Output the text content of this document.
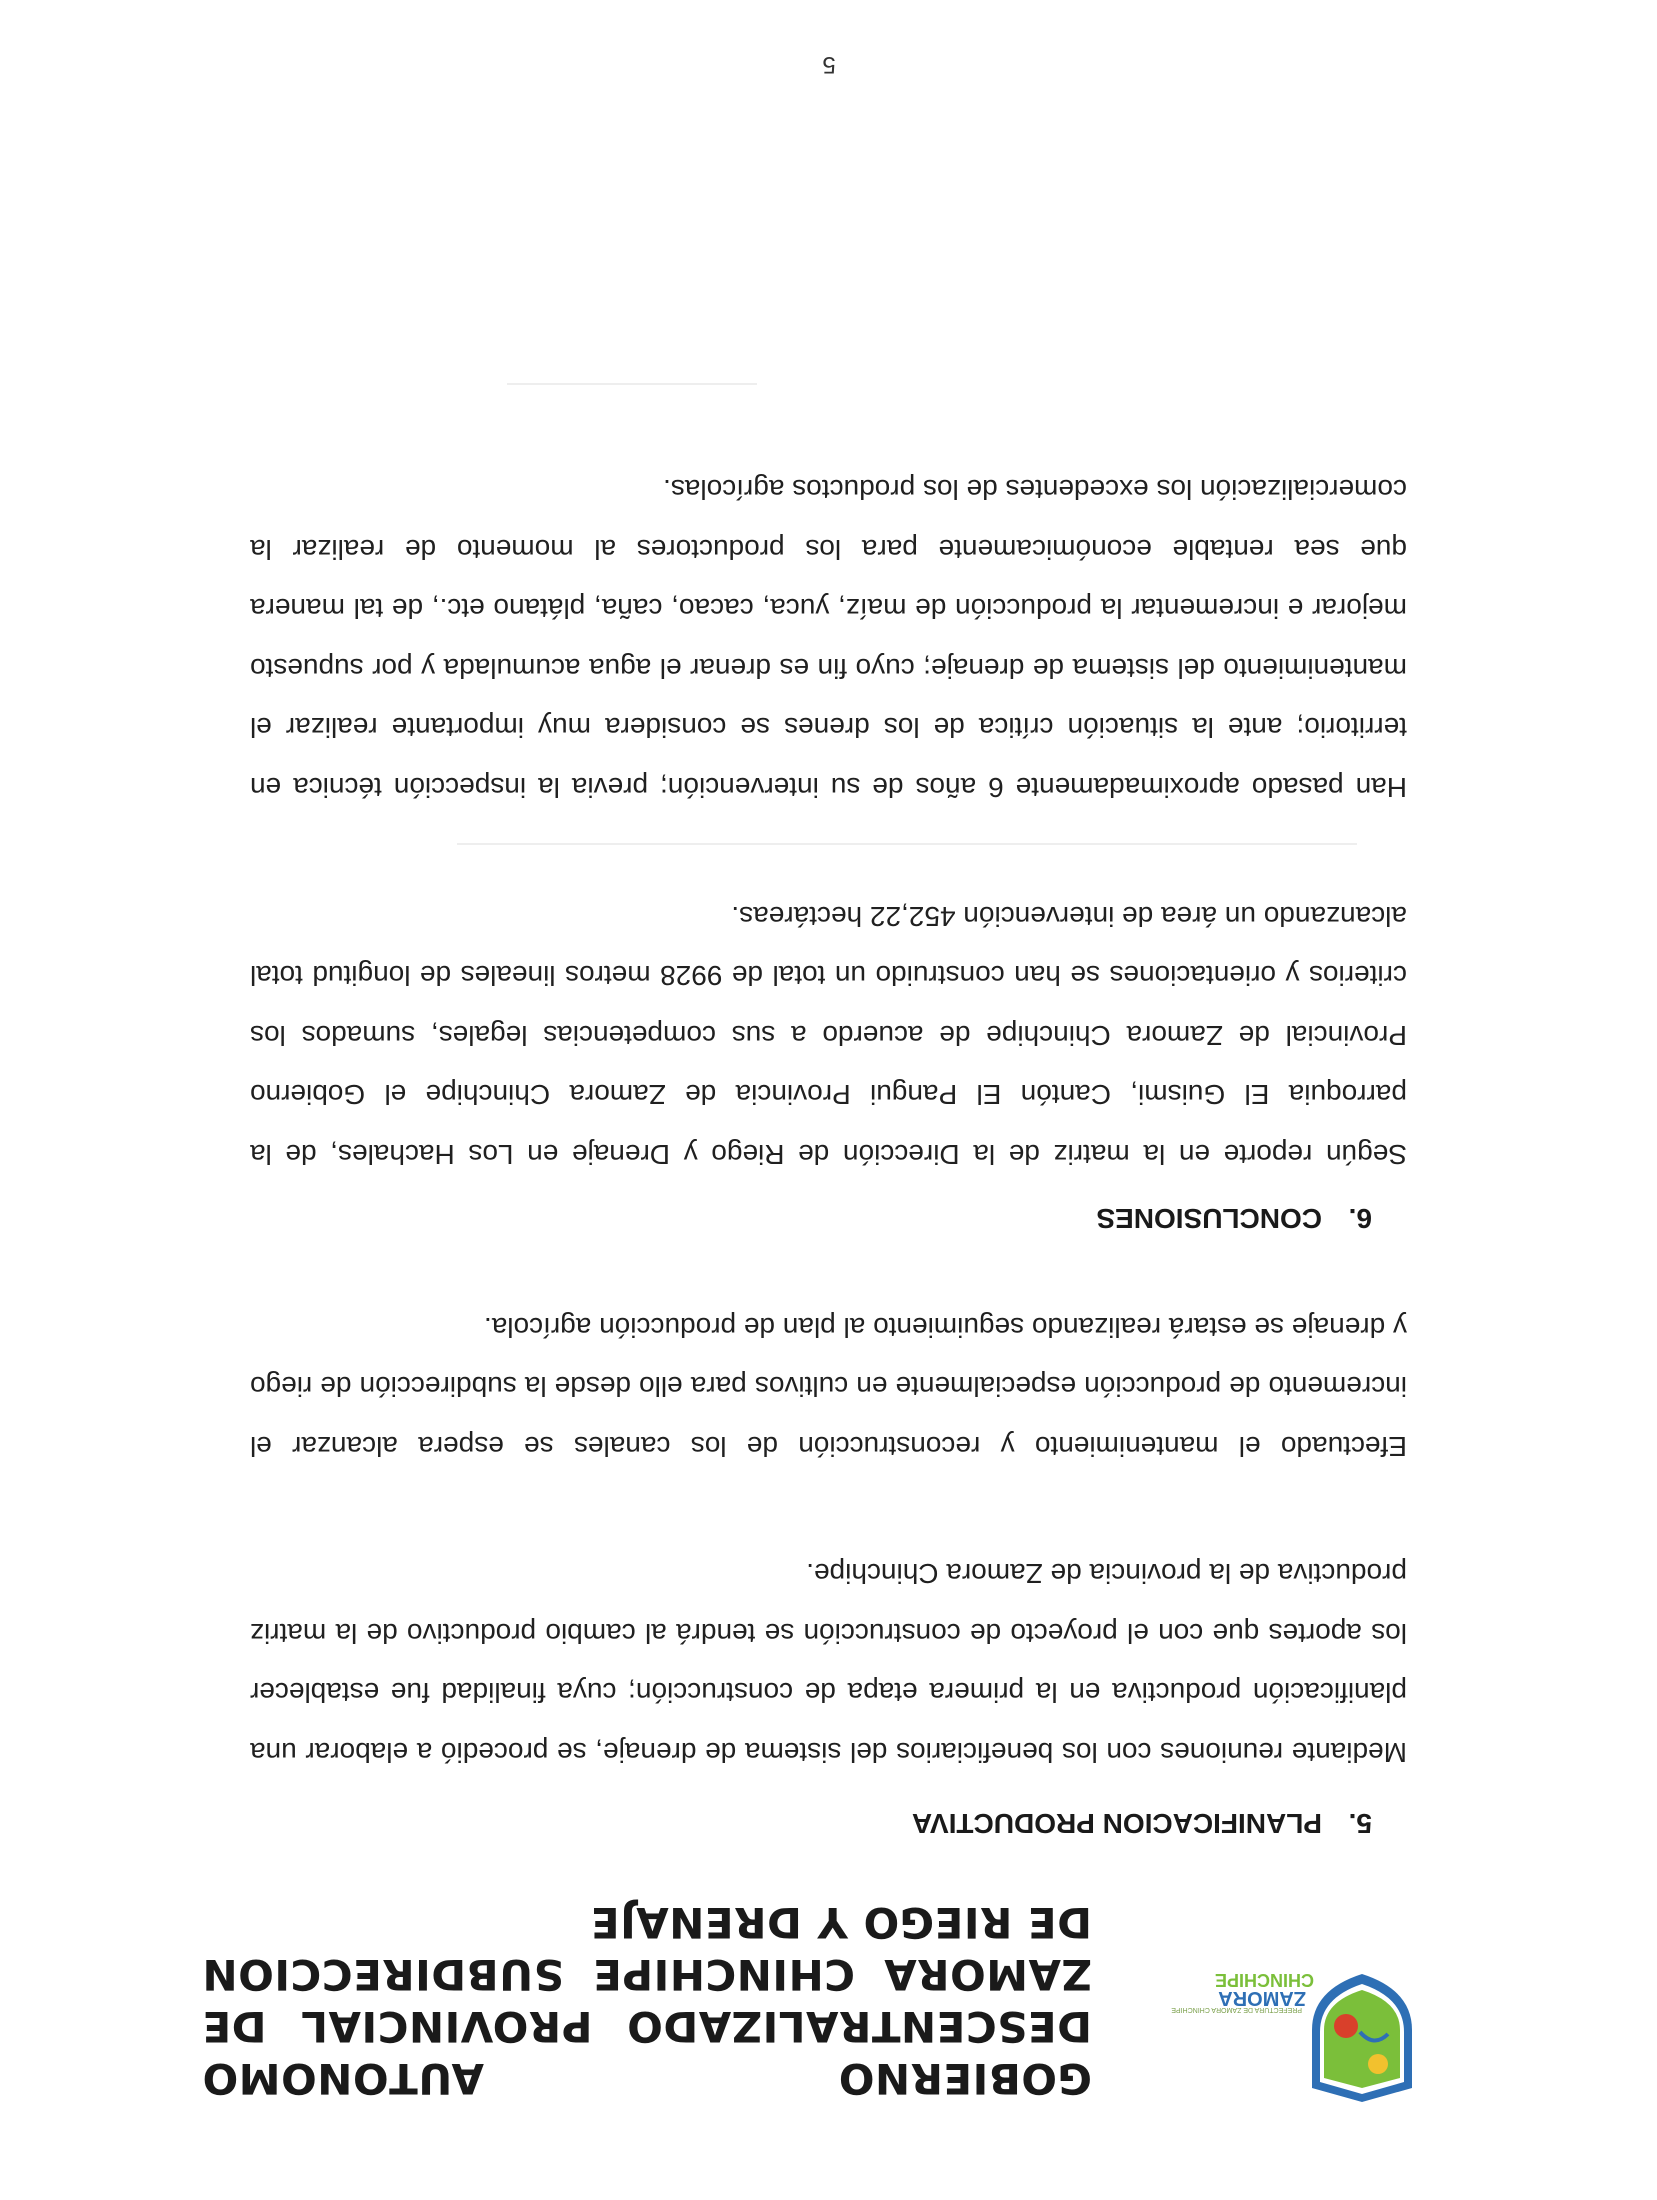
PREFECTURA DE ZAMORA CHINCHIPE
ZAMORA
CHINCHIPE
GOBIERNO AUTONOMO DESCENTRALIZADO PROVINCIAL DE ZAMORA CHINCHIPE SUBDIRECCION DE RIEGO Y DRENAJE
5.PLANIFICACION PRODUCTIVA
Mediante reuniones con los beneficiarios del sistema de drenaje, se procedió a elaborar una planificación productiva en la primera etapa de construcción; cuya finalidad fue establecer los aportes que con el proyecto de construcción se tendrá al cambio productivo de la matriz productiva de la provincia de Zamora Chinchipe.
Efectuado el mantenimiento y reconstrucción de los canales se espera alcanzar el incremento de producción especialmente en cultivos para ello desde la subdirección de riego y drenaje se estará realizando seguimiento al plan de producción agrícola.
6.CONCLUSIONES
Según reporte en la matriz de la Dirección de Riego y Drenaje en Los Hachales, de la parroquia El Guismi, Cantón El Pangui Provincia de Zamora Chinchipe el Gobierno Provincial de Zamora Chinchipe de acuerdo a sus competencias legales, sumados los criterios y orientaciones se han construido un total de 9928 metros lineales de longitud total alcanzando un área de intervención 452,22 hectáreas.
Han pasado aproximadamente 6 años de su intervención; previa la inspección técnica en territorio; ante la situación crítica de los drenes se considera muy importante realizar el mantenimiento del sistema de drenaje; cuyo fin es drenar el agua acumulada y por supuesto mejorar e incrementar la producción de maíz, yuca, cacao, caña, plátano etc., de tal manera que sea rentable económicamente para los productores al momento de realizar la comercialización los excedentes de los productos agrícolas.
5
